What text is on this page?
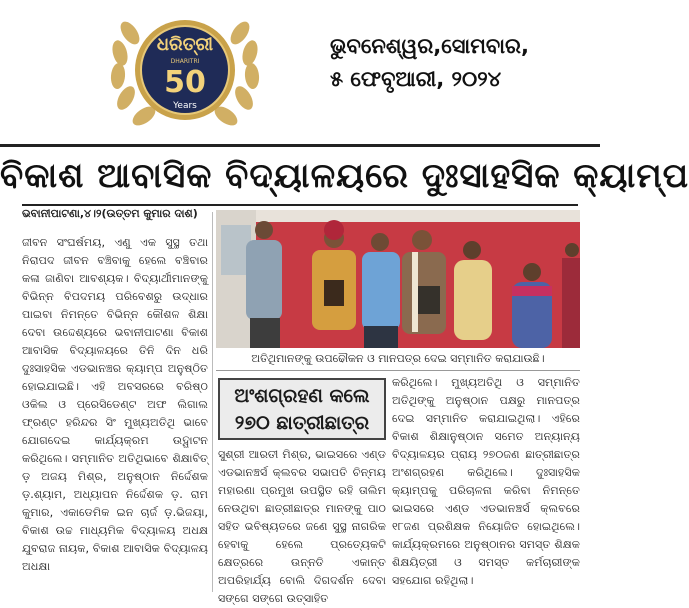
ଧରିତ୍ରୀ
DHARITRI
50
Years
ଭୁବନେଶ୍ୱର,ସୋମବାର,
୫ ଫେବୃଆରୀ, ୨୦୨୪
ବିକାଶ ଆବାସିକ ବିଦ୍ୟାଳୟରେ ଦୁଃସାହସିକ କ୍ୟାମ୍ପ
ଭବାନୀପାଟଣା,୪।୨(ଉତ୍ତମ କୁମାର ଦାଶ)

ଜୀବନ ସଂଘର୍ଷମୟ, ଏଣୁ ଏକ ସୁସ୍ଥ ତଥା ନିରାପଦ ଜୀବନ ବଞ୍ଚିବାକୁ ହେଲେ ବଞ୍ଚିବାର କଳା ଜାଣିବା ଆବଶ୍ୟକ। ବିଦ୍ୟାର୍ଥୀମାନଙ୍କୁ ବିଭିନ୍ନ ବିପଦମୟ ପରିବେଶରୁ ଉଦ୍ଧାର ପାଇବା ନିମନ୍ତେ ବିଭିନ୍ନ କୌଶଳ ଶିକ୍ଷା ଦେବା ଉଦ୍ଦେଶ୍ୟରେ ଭବାନୀପାଟଣା ବିକାଶ ଆବାସିକ ବିଦ୍ୟାଳୟରେ ତିନି ଦିନ ଧରି ଦୁଃସାହସିକ ଏଡଭାନଞ୍ଚର କ୍ୟାମ୍ପ ଅନୁଷ୍ଠିତ ହୋଇଯାଇଛି। ଏହି ଅବସରରେ ବରିଷ୍ଠ ଓକିଲ ଓ ପ୍ରେସିଡେଣ୍ଟ ଅଫ ଲିଗାଲ ଫ୍ରଣ୍ଟ ହରିନ୍ଦର ସିଂ ମୁଖ୍ୟଅତିଥି ଭାବେ ଯୋଗଦେଇ କାର୍ଯ୍ୟକ୍ରମ ଉଦ୍ଘାଟନ କରିଥିଲେ। ସମ୍ମାନିତ ଅତିଥିଭାବେ ଶିକ୍ଷାବିତ୍ ଡ଼ ଅଜୟ ମିଶ୍ର, ଅନୁଷ୍ଠାନ ନିର୍ଦ୍ଦେଶକ ଡ଼.ଶ୍ୟାମ, ଅଧ୍ୟାପନ ନିର୍ଦ୍ଦେଶକ ଡ଼. ରାମ କୁମାର, ଏକାଡେମିକ ଇନ ଚାର୍ଜ ଡ଼.ଭିଜୟା, ବିକାଶ ଉଚ୍ଚ ମାଧ୍ୟମିକ ବିଦ୍ୟାଳୟ ଅଧକ୍ଷ ଯୁବରାଜ ନାୟକ, ବିକାଶ ଆବାସିକ ବିଦ୍ୟାଳୟ ଅଧକ୍ଷା

ଅତିଥିମାନଙ୍କୁ ଉପଢୌକନ ଓ ମାନପତ୍ର ଦେଇ ସମ୍ମାନିତ କରାଯାଉଛି।
ଅଂଶଗ୍ରହଣ କଲେ
୨୭୦ ଛାତ୍ରୀଛାତ୍ର

ସୁଶ୍ରୀ ଆରତୀ ମିଶ୍ର, ଭାଇସରେ ଏଣ୍ଡ ଏଡଭାନଞ୍ଚର୍ସ କ୍ଲବର ସଭାପତି ଚିନ୍ମୟ ମହାରଣା ପ୍ରମୁଖ ଉପସ୍ଥିତ ରହି ତାଲିମ ନେଉଥିବା ଛାତ୍ରୀଛାତ୍ର ମାନଙ୍କୁ ପାଠ ସହିତ ଭବିଷ୍ୟତରେ ଜଣେ ସୁସ୍ଥ ନାଗରିକ ହେବାକୁ ହେଲେ ପ୍ରତ୍ୟେକଟି କ୍ଷେତ୍ରରେ ଉନ୍ନତି ଏକାନ୍ତ ଅପରିହାର୍ଯ୍ୟ ବୋଲି ଦିଗଦର୍ଶନ ଦେବା ସଙ୍ଗେ ସଙ୍ଗେ ଉତ୍ସାହିତ

କରିଥିଲେ। ମୁଖ୍ୟଅତିଥି ଓ ସମ୍ମାନିତ ଅତିଥିଙ୍କୁ ଅନୁଷ୍ଠାନ ପକ୍ଷରୁ ମାନପତ୍ର ଦେଇ ସମ୍ମାନିତ କରାଯାଇଥିଲା। ଏହିରେ ବିକାଶ ଶିକ୍ଷାନୁଷ୍ଠାନ ସମେତ ଅନ୍ୟାନ୍ୟ ବିଦ୍ୟାଳୟର ପ୍ରାୟ ୨୭୦ଜଣ ଛାତ୍ରୀଛାତ୍ର ଅଂଶଗ୍ରହଣ କରିଥିଲେ। ଦୁଃସାହସିକ କ୍ୟାମ୍ପକୁ ପରିଚାଳନା କରିବା ନିମନ୍ତେ ଭାଇସରେ ଏଣ୍ଡ ଏଡଭାନଞ୍ଚର୍ସ କ୍ଲବରେ ୧୮ଜଣ ପ୍ରଶିକ୍ଷକ ନିୟୋଜିତ ହୋଇଥିଲେ। କାର୍ଯ୍ୟକ୍ରମରେ ଅନୁଷ୍ଠାନର ସମସ୍ତ ଶିକ୍ଷକ ଶିକ୍ଷୟିତ୍ରୀ ଓ ସମସ୍ତ କର୍ମଚାରୀଙ୍କ ସହଯୋଗ ରହିଥିଲା।
